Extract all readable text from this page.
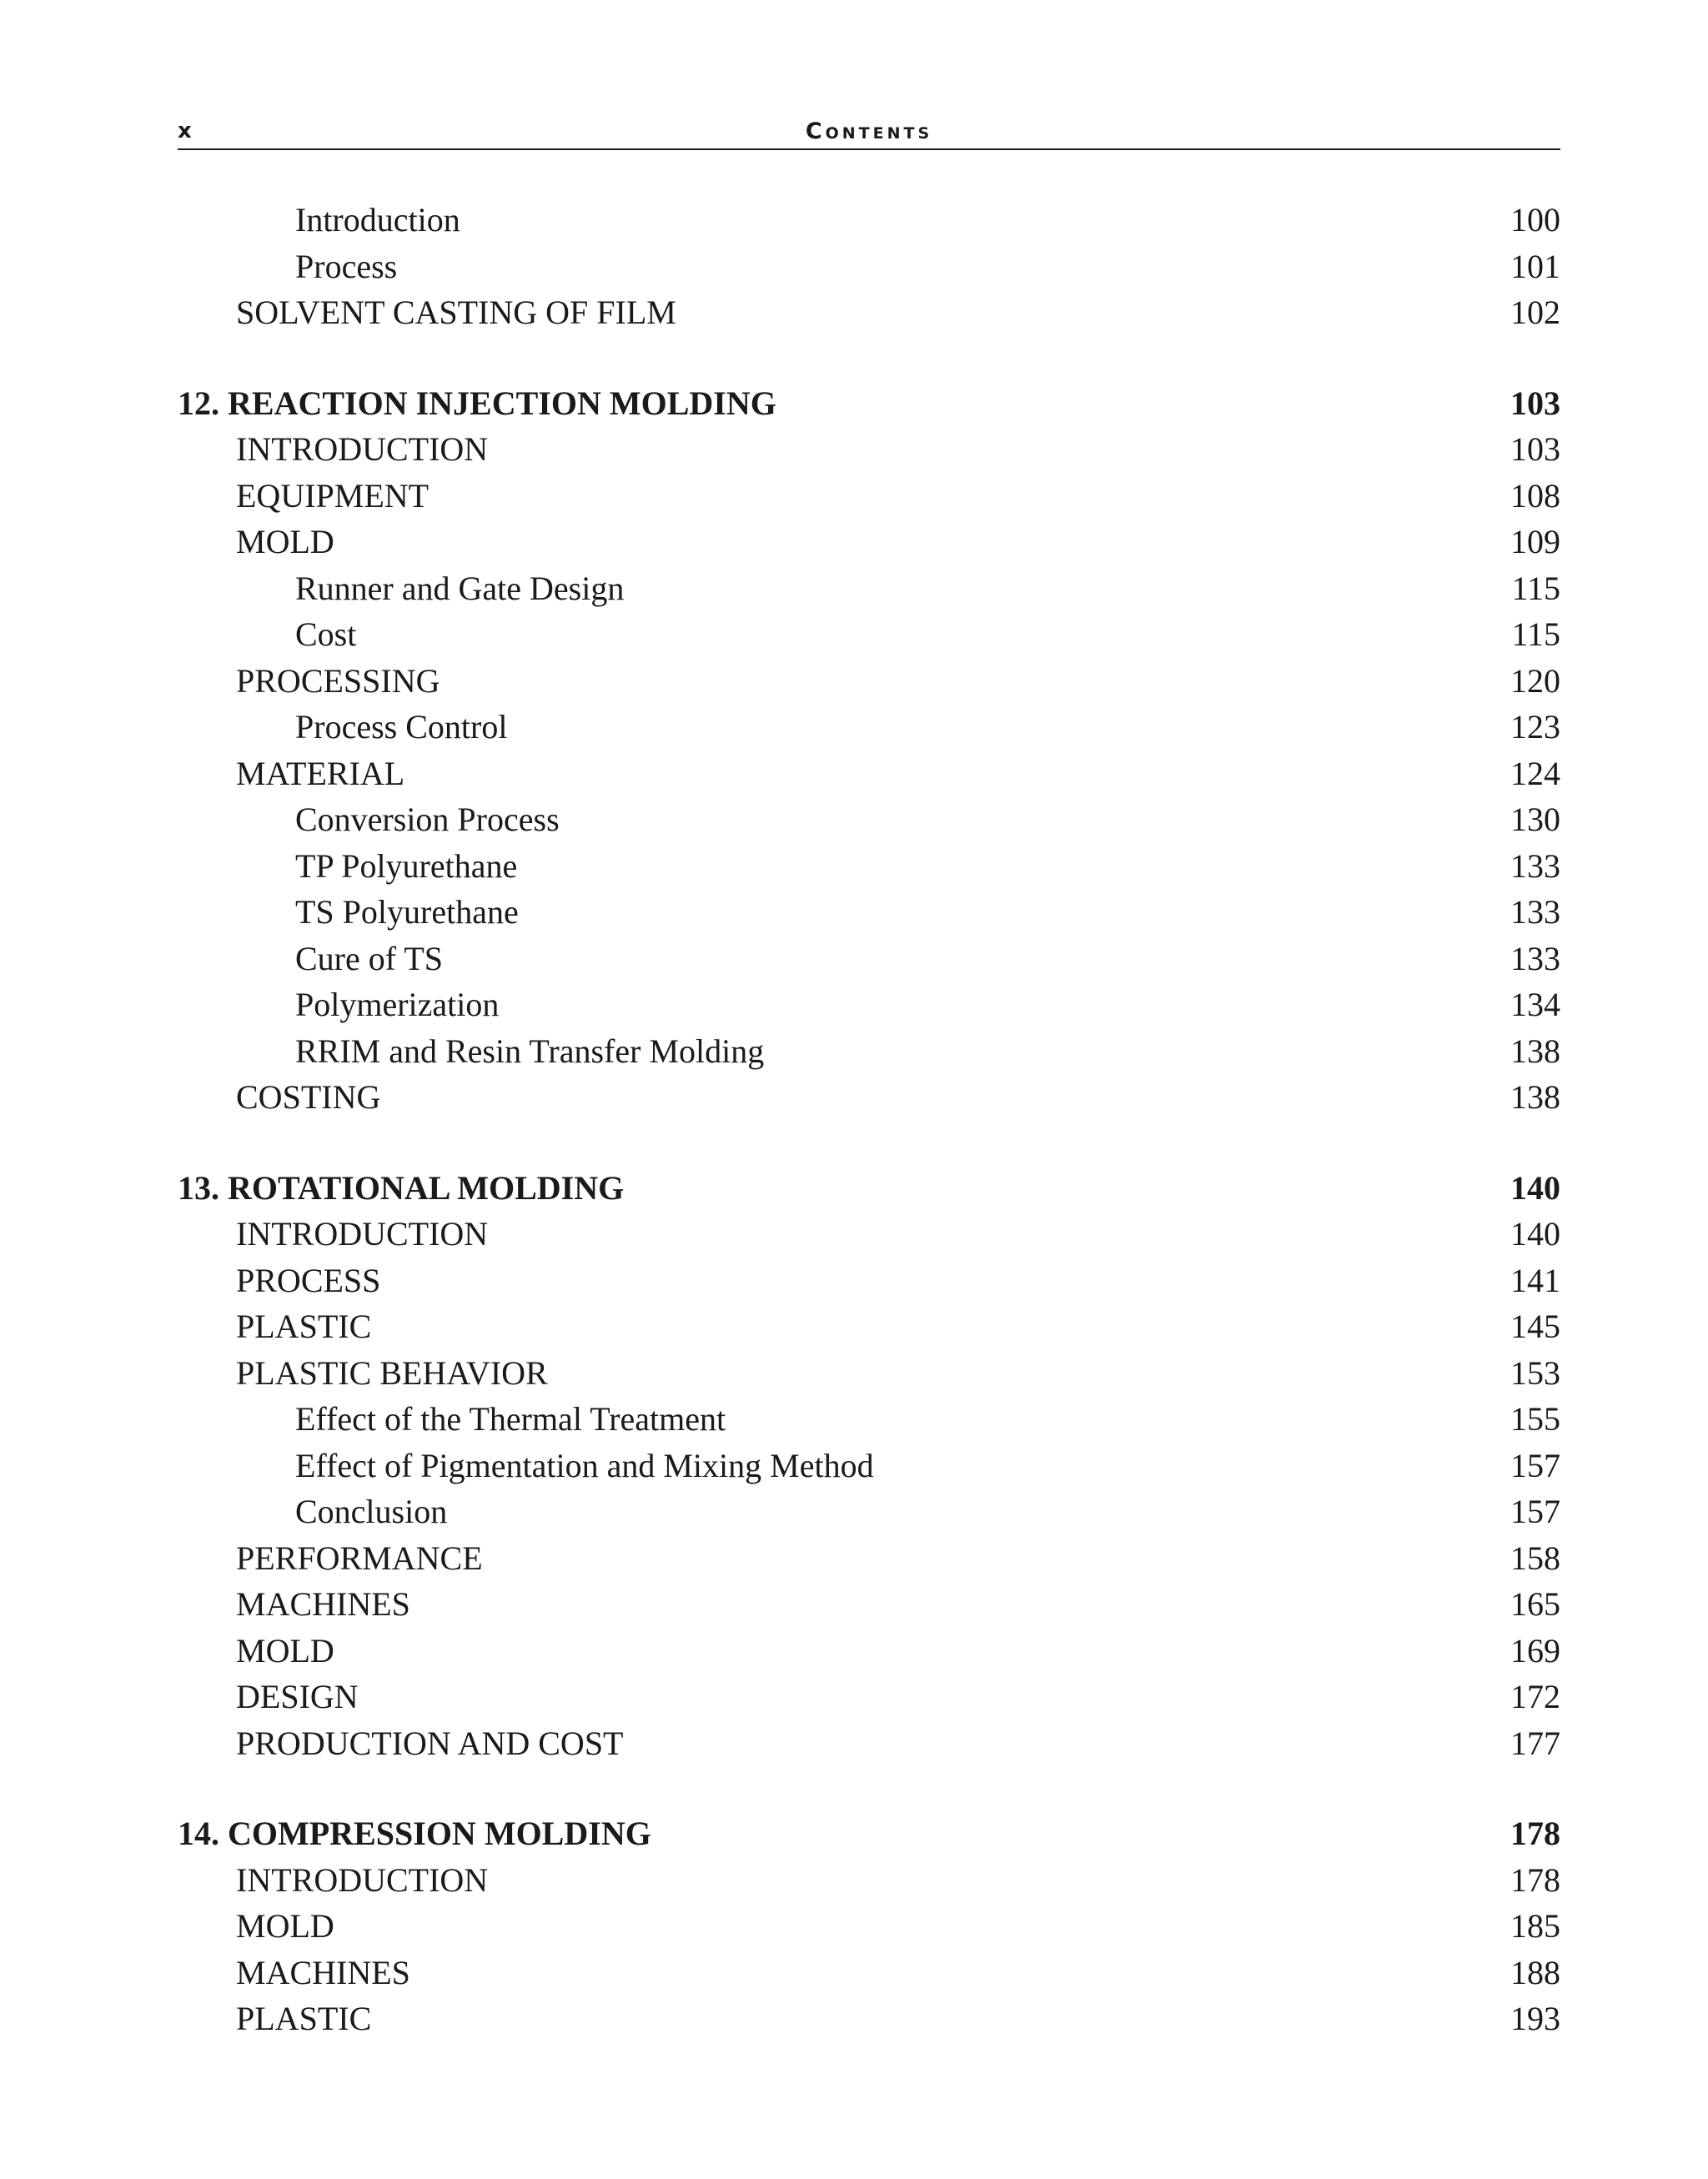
x	Contents
Introduction	100
Process	101
SOLVENT CASTING OF FILM	102
12. REACTION INJECTION MOLDING	103
INTRODUCTION	103
EQUIPMENT	108
MOLD	109
Runner and Gate Design	115
Cost	115
PROCESSING	120
Process Control	123
MATERIAL	124
Conversion Process	130
TP Polyurethane	133
TS Polyurethane	133
Cure of TS	133
Polymerization	134
RRIM and Resin Transfer Molding	138
COSTING	138
13. ROTATIONAL MOLDING	140
INTRODUCTION	140
PROCESS	141
PLASTIC	145
PLASTIC BEHAVIOR	153
Effect of the Thermal Treatment	155
Effect of Pigmentation and Mixing Method	157
Conclusion	157
PERFORMANCE	158
MACHINES	165
MOLD	169
DESIGN	172
PRODUCTION AND COST	177
14. COMPRESSION MOLDING	178
INTRODUCTION	178
MOLD	185
MACHINES	188
PLASTIC	193
